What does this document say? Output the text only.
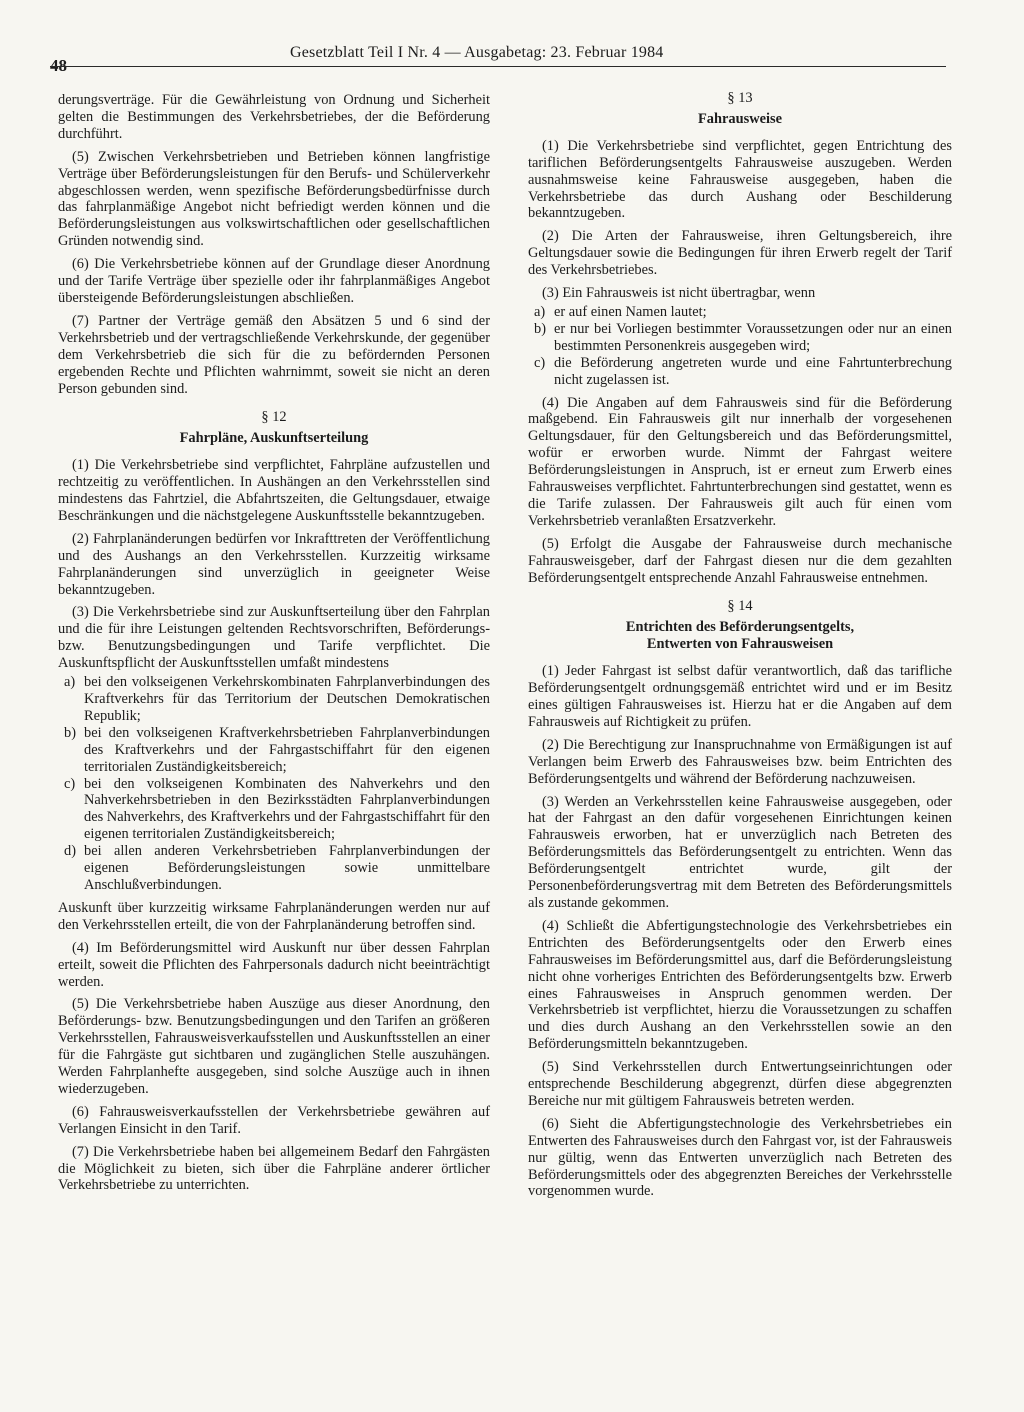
48
Gesetzblatt Teil I Nr. 4 — Ausgabetag: 23. Februar 1984

derungsverträge. Für die Gewährleistung von Ordnung und Sicherheit gelten die Bestimmungen des Verkehrsbetriebes, der die Beförderung durchführt.

(5) Zwischen Verkehrsbetrieben und Betrieben können langfristige Verträge über Beförderungsleistungen für den Berufs- und Schülerverkehr abgeschlossen werden, wenn spezifische Beförderungsbedürfnisse durch das fahrplanmäßige Angebot nicht befriedigt werden können und die Beförderungsleistungen aus volkswirtschaftlichen oder gesellschaftlichen Gründen notwendig sind.

(6) Die Verkehrsbetriebe können auf der Grundlage dieser Anordnung und der Tarife Verträge über spezielle oder ihr fahrplanmäßiges Angebot übersteigende Beförderungsleistungen abschließen.

(7) Partner der Verträge gemäß den Absätzen 5 und 6 sind der Verkehrsbetrieb und der vertragschließende Verkehrskunde, der gegenüber dem Verkehrsbetrieb die sich für die zu befördernden Personen ergebenden Rechte und Pflichten wahrnimmt, soweit sie nicht an deren Person gebunden sind.

§ 12
Fahrpläne, Auskunftserteilung

(1) Die Verkehrsbetriebe sind verpflichtet, Fahrpläne aufzustellen und rechtzeitig zu veröffentlichen. In Aushängen an den Verkehrsstellen sind mindestens das Fahrtziel, die Abfahrtszeiten, die Geltungsdauer, etwaige Beschränkungen und die nächstgelegene Auskunftsstelle bekanntzugeben.

(2) Fahrplanänderungen bedürfen vor Inkrafttreten der Veröffentlichung und des Aushangs an den Verkehrsstellen. Kurzzeitig wirksame Fahrplanänderungen sind unverzüglich in geeigneter Weise bekanntzugeben.

(3) Die Verkehrsbetriebe sind zur Auskunftserteilung über den Fahrplan und die für ihre Leistungen geltenden Rechtsvorschriften, Beförderungs- bzw. Benutzungsbedingungen und Tarife verpflichtet. Die Auskunftspflicht der Auskunftsstellen umfaßt mindestens

a) bei den volkseigenen Verkehrskombinaten Fahrplanverbindungen des Kraftverkehrs für das Territorium der Deutschen Demokratischen Republik;
b) bei den volkseigenen Kraftverkehrsbetrieben Fahrplanverbindungen des Kraftverkehrs und der Fahrgastschiffahrt für den eigenen territorialen Zuständigkeitsbereich;
c) bei den volkseigenen Kombinaten des Nahverkehrs und den Nahverkehrsbetrieben in den Bezirksstädten Fahrplanverbindungen des Nahverkehrs, des Kraftverkehrs und der Fahrgastschiffahrt für den eigenen territorialen Zuständigkeitsbereich;
d) bei allen anderen Verkehrsbetrieben Fahrplanverbindungen der eigenen Beförderungsleistungen sowie unmittelbare Anschlußverbindungen.

Auskunft über kurzzeitig wirksame Fahrplanänderungen werden nur auf den Verkehrsstellen erteilt, die von der Fahrplanänderung betroffen sind.

(4) Im Beförderungsmittel wird Auskunft nur über dessen Fahrplan erteilt, soweit die Pflichten des Fahrpersonals dadurch nicht beeinträchtigt werden.

(5) Die Verkehrsbetriebe haben Auszüge aus dieser Anordnung, den Beförderungs- bzw. Benutzungsbedingungen und den Tarifen an größeren Verkehrsstellen, Fahrausweisverkaufsstellen und Auskunftsstellen an einer für die Fahrgäste gut sichtbaren und zugänglichen Stelle auszuhängen. Werden Fahrplanhefte ausgegeben, sind solche Auszüge auch in ihnen wiederzugeben.

(6) Fahrausweisverkaufsstellen der Verkehrsbetriebe gewähren auf Verlangen Einsicht in den Tarif.

(7) Die Verkehrsbetriebe haben bei allgemeinem Bedarf den Fahrgästen die Möglichkeit zu bieten, sich über die Fahrpläne anderer örtlicher Verkehrsbetriebe zu unterrichten.

§ 13
Fahrausweise

(1) Die Verkehrsbetriebe sind verpflichtet, gegen Entrichtung des tariflichen Beförderungsentgelts Fahrausweise auszugeben. Werden ausnahmsweise keine Fahrausweise ausgegeben, haben die Verkehrsbetriebe das durch Aushang oder Beschilderung bekanntzugeben.

(2) Die Arten der Fahrausweise, ihren Geltungsbereich, ihre Geltungsdauer sowie die Bedingungen für ihren Erwerb regelt der Tarif des Verkehrsbetriebes.

(3) Ein Fahrausweis ist nicht übertragbar, wenn

a) er auf einen Namen lautet;
b) er nur bei Vorliegen bestimmter Voraussetzungen oder nur an einen bestimmten Personenkreis ausgegeben wird;
c) die Beförderung angetreten wurde und eine Fahrtunterbrechung nicht zugelassen ist.

(4) Die Angaben auf dem Fahrausweis sind für die Beförderung maßgebend. Ein Fahrausweis gilt nur innerhalb der vorgesehenen Geltungsdauer, für den Geltungsbereich und das Beförderungsmittel, wofür er erworben wurde. Nimmt der Fahrgast weitere Beförderungsleistungen in Anspruch, ist er erneut zum Erwerb eines Fahrausweises verpflichtet. Fahrtunterbrechungen sind gestattet, wenn es die Tarife zulassen. Der Fahrausweis gilt auch für einen vom Verkehrsbetrieb veranlaßten Ersatzverkehr.

(5) Erfolgt die Ausgabe der Fahrausweise durch mechanische Fahrausweisgeber, darf der Fahrgast diesen nur die dem gezahlten Beförderungsentgelt entsprechende Anzahl Fahrausweise entnehmen.

§ 14
Entrichten des Beförderungsentgelts,
Entwerten von Fahrausweisen

(1) Jeder Fahrgast ist selbst dafür verantwortlich, daß das tarifliche Beförderungsentgelt ordnungsgemäß entrichtet wird und er im Besitz eines gültigen Fahrausweises ist. Hierzu hat er die Angaben auf dem Fahrausweis auf Richtigkeit zu prüfen.

(2) Die Berechtigung zur Inanspruchnahme von Ermäßigungen ist auf Verlangen beim Erwerb des Fahrausweises bzw. beim Entrichten des Beförderungsentgelts und während der Beförderung nachzuweisen.

(3) Werden an Verkehrsstellen keine Fahrausweise ausgegeben, oder hat der Fahrgast an den dafür vorgesehenen Einrichtungen keinen Fahrausweis erworben, hat er unverzüglich nach Betreten des Beförderungsmittels das Beförderungsentgelt zu entrichten. Wenn das Beförderungsentgelt entrichtet wurde, gilt der Personenbeförderungsvertrag mit dem Betreten des Beförderungsmittels als zustande gekommen.

(4) Schließt die Abfertigungstechnologie des Verkehrsbetriebes ein Entrichten des Beförderungsentgelts oder den Erwerb eines Fahrausweises im Beförderungsmittel aus, darf die Beförderungsleistung nicht ohne vorheriges Entrichten des Beförderungsentgelts bzw. Erwerb eines Fahrausweises in Anspruch genommen werden. Der Verkehrsbetrieb ist verpflichtet, hierzu die Voraussetzungen zu schaffen und dies durch Aushang an den Verkehrsstellen sowie an den Beförderungsmitteln bekanntzugeben.

(5) Sind Verkehrsstellen durch Entwertungseinrichtungen oder entsprechende Beschilderung abgegrenzt, dürfen diese abgegrenzten Bereiche nur mit gültigem Fahrausweis betreten werden.

(6) Sieht die Abfertigungstechnologie des Verkehrsbetriebes ein Entwerten des Fahrausweises durch den Fahrgast vor, ist der Fahrausweis nur gültig, wenn das Entwerten unverzüglich nach Betreten des Beförderungsmittels oder des abgegrenzten Bereiches der Verkehrsstelle vorgenommen wurde.
